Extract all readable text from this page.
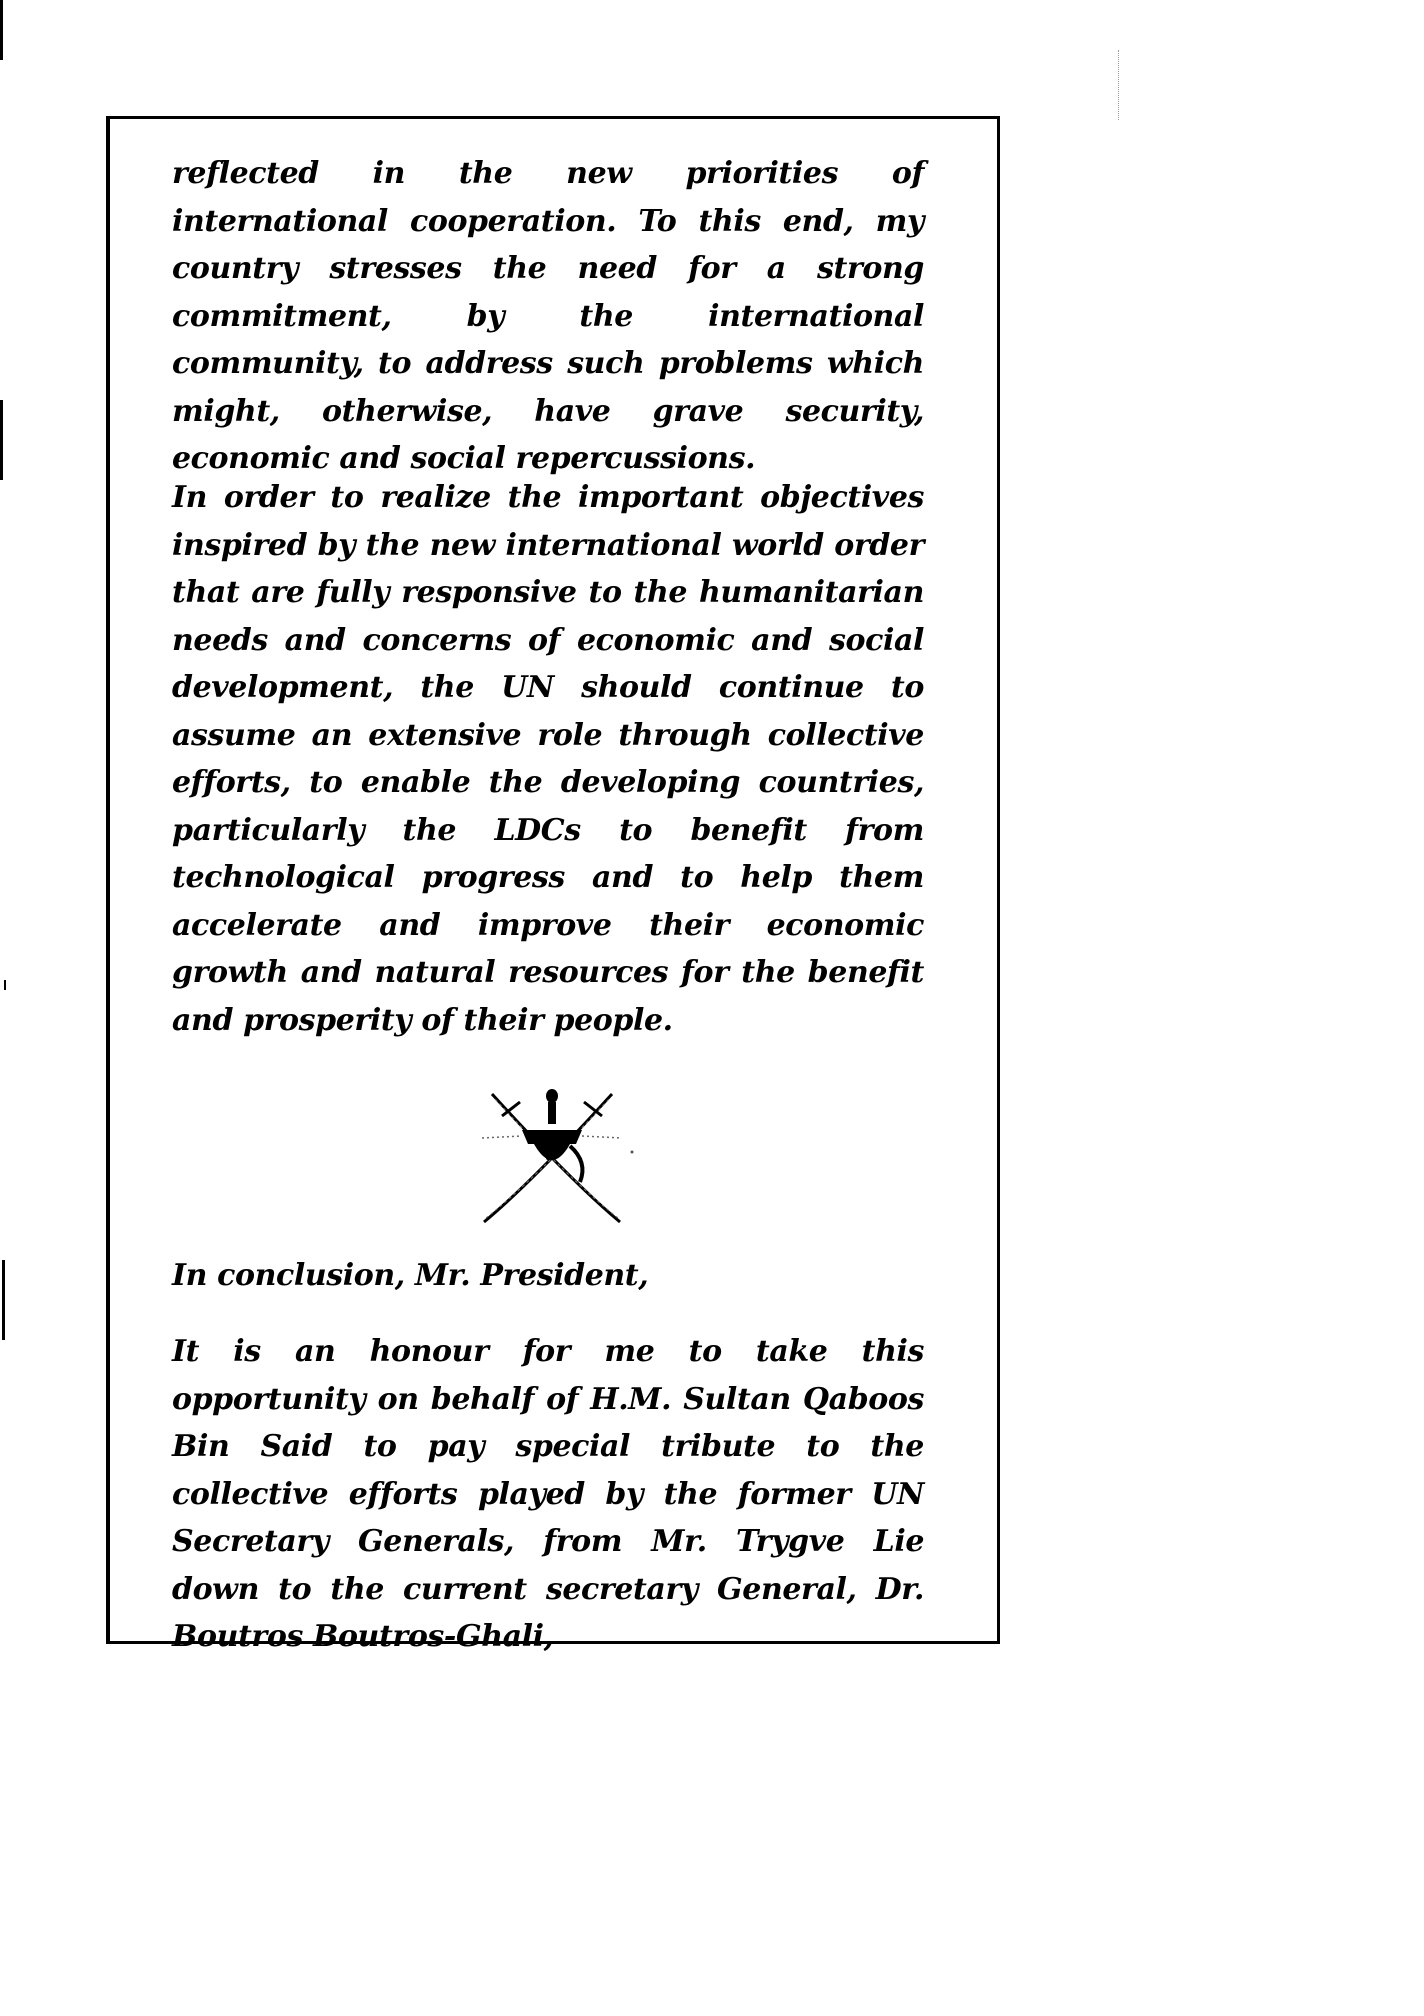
reflected in the new priorities of international cooperation. To this end, my country stresses the need for a strong commitment, by the international community, to address such problems which might, otherwise, have grave security, economic and social repercussions.

In order to realize the important objectives inspired by the new international world order that are fully responsive to the humanitarian needs and concerns of economic and social development, the UN should continue to assume an extensive role through collective efforts, to enable the developing countries, particularly the LDCs to benefit from technological progress and to help them accelerate and improve their economic growth and natural resources for the benefit and prosperity of their people.

In conclusion, Mr. President,

It is an honour for me to take this opportunity on behalf of H.M. Sultan Qaboos Bin Said to pay special tribute to the collective efforts played by the former UN Secretary Generals, from Mr. Trygve Lie down to the current secretary General, Dr. Boutros Boutros-Ghali,
